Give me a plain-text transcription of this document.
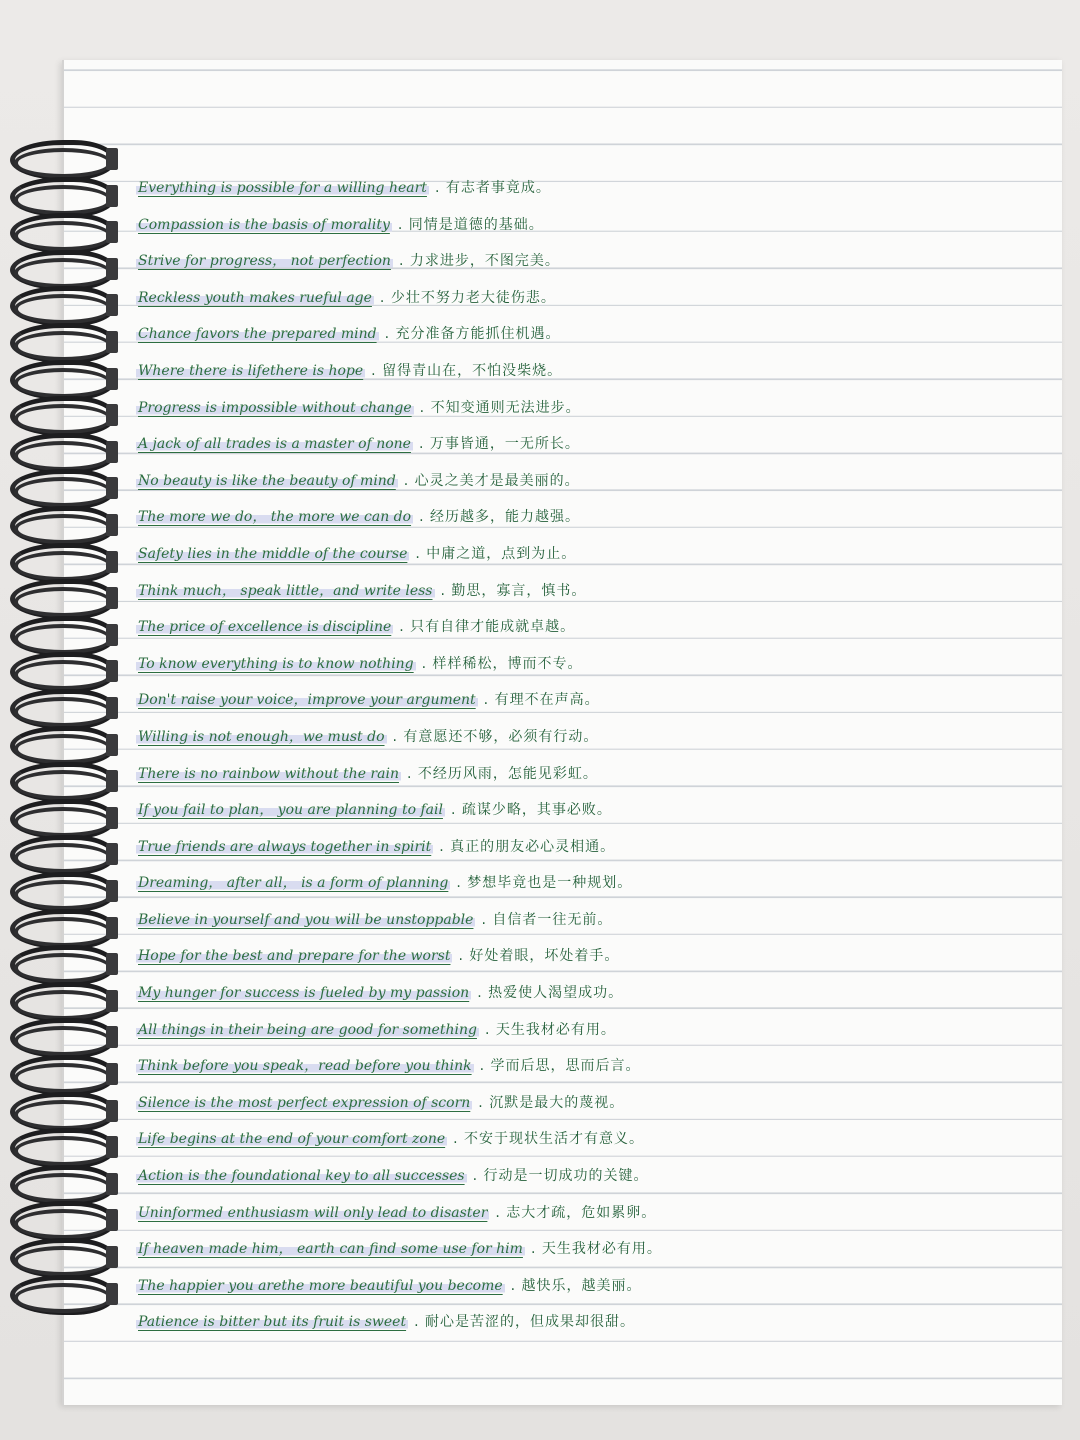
Everything is possible for a willing heart . 有志者事竟成。
Compassion is the basis of morality . 同情是道德的基础。
Strive for progress， not perfection . 力求进步，不图完美。
Reckless youth makes rueful age . 少壮不努力老大徒伤悲。
Chance favors the prepared mind . 充分准备方能抓住机遇。
Where there is lifethere is hope . 留得青山在，不怕没柴烧。
Progress is impossible without change . 不知变通则无法进步。
A jack of all trades is a master of none . 万事皆通，一无所长。
No beauty is like the beauty of mind . 心灵之美才是最美丽的。
The more we do， the more we can do . 经历越多，能力越强。
Safety lies in the middle of the course . 中庸之道，点到为止。
Think much， speak little，and write less . 勤思，寡言，慎书。
The price of excellence is discipline . 只有自律才能成就卓越。
To know everything is to know nothing . 样样稀松，博而不专。
Don't raise your voice，improve your argument . 有理不在声高。
Willing is not enough，we must do . 有意愿还不够，必须有行动。
There is no rainbow without the rain . 不经历风雨，怎能见彩虹。
If you fail to plan， you are planning to fail . 疏谋少略，其事必败。
True friends are always together in spirit . 真正的朋友必心灵相通。
Dreaming， after all， is a form of planning . 梦想毕竟也是一种规划。
Believe in yourself and you will be unstoppable . 自信者一往无前。
Hope for the best and prepare for the worst . 好处着眼，坏处着手。
My hunger for success is fueled by my passion . 热爱使人渴望成功。
All things in their being are good for something . 天生我材必有用。
Think before you speak，read before you think . 学而后思，思而后言。
Silence is the most perfect expression of scorn . 沉默是最大的蔑视。
Life begins at the end of your comfort zone . 不安于现状生活才有意义。
Action is the foundational key to all successes . 行动是一切成功的关键。
Uninformed enthusiasm will only lead to disaster . 志大才疏，危如累卵。
If heaven made him， earth can find some use for him . 天生我材必有用。
The happier you arethe more beautiful you become . 越快乐，越美丽。
Patience is bitter but its fruit is sweet . 耐心是苦涩的，但成果却很甜。
